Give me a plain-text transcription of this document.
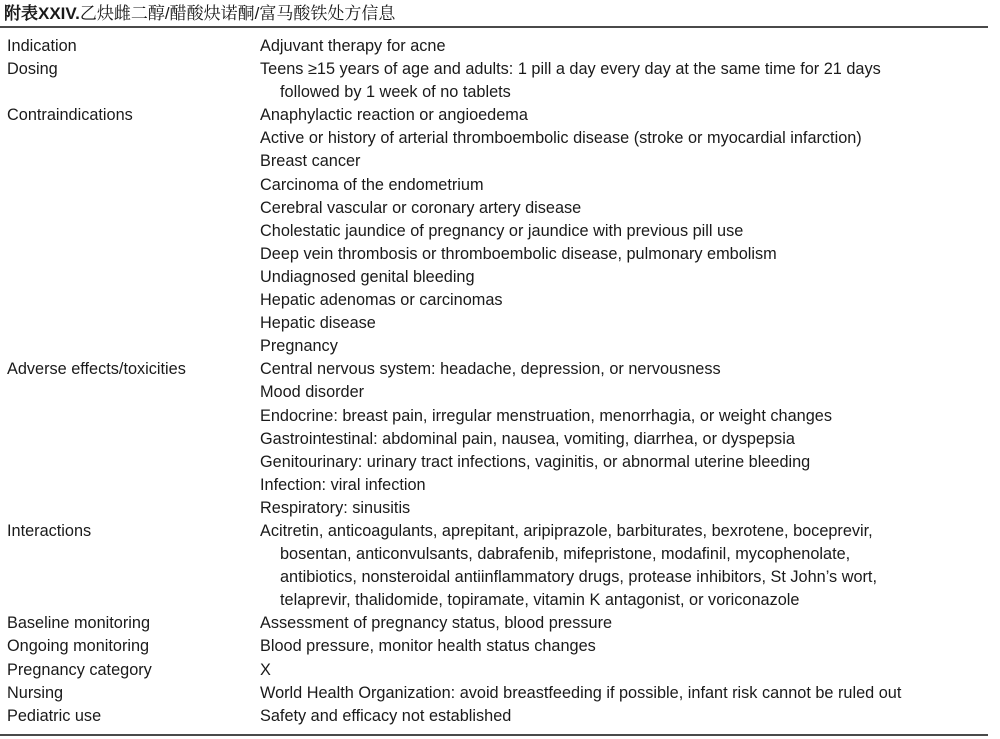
附表XXIV.乙炔雌二醇/醋酸炔诺酮/富马酸铁处方信息
Indication	Adjuvant therapy for acne
Dosing	Teens ≥15 years of age and adults: 1 pill a day every day at the same time for 21 days
followed by 1 week of no tablets
Contraindications	Anaphylactic reaction or angioedema
Active or history of arterial thromboembolic disease (stroke or myocardial infarction)
Breast cancer
Carcinoma of the endometrium
Cerebral vascular or coronary artery disease
Cholestatic jaundice of pregnancy or jaundice with previous pill use
Deep vein thrombosis or thromboembolic disease, pulmonary embolism
Undiagnosed genital bleeding
Hepatic adenomas or carcinomas
Hepatic disease
Pregnancy
Adverse effects/toxicities	Central nervous system: headache, depression, or nervousness
Mood disorder
Endocrine: breast pain, irregular menstruation, menorrhagia, or weight changes
Gastrointestinal: abdominal pain, nausea, vomiting, diarrhea, or dyspepsia
Genitourinary: urinary tract infections, vaginitis, or abnormal uterine bleeding
Infection: viral infection
Respiratory: sinusitis
Interactions	Acitretin, anticoagulants, aprepitant, aripiprazole, barbiturates, bexrotene, boceprevir,
bosentan, anticonvulsants, dabrafenib, mifepristone, modafinil, mycophenolate,
antibiotics, nonsteroidal antiinflammatory drugs, protease inhibitors, St John’s wort,
telaprevir, thalidomide, topiramate, vitamin K antagonist, or voriconazole
Baseline monitoring	Assessment of pregnancy status, blood pressure
Ongoing monitoring	Blood pressure, monitor health status changes
Pregnancy category	X
Nursing	World Health Organization: avoid breastfeeding if possible, infant risk cannot be ruled out
Pediatric use	Safety and efficacy not established
